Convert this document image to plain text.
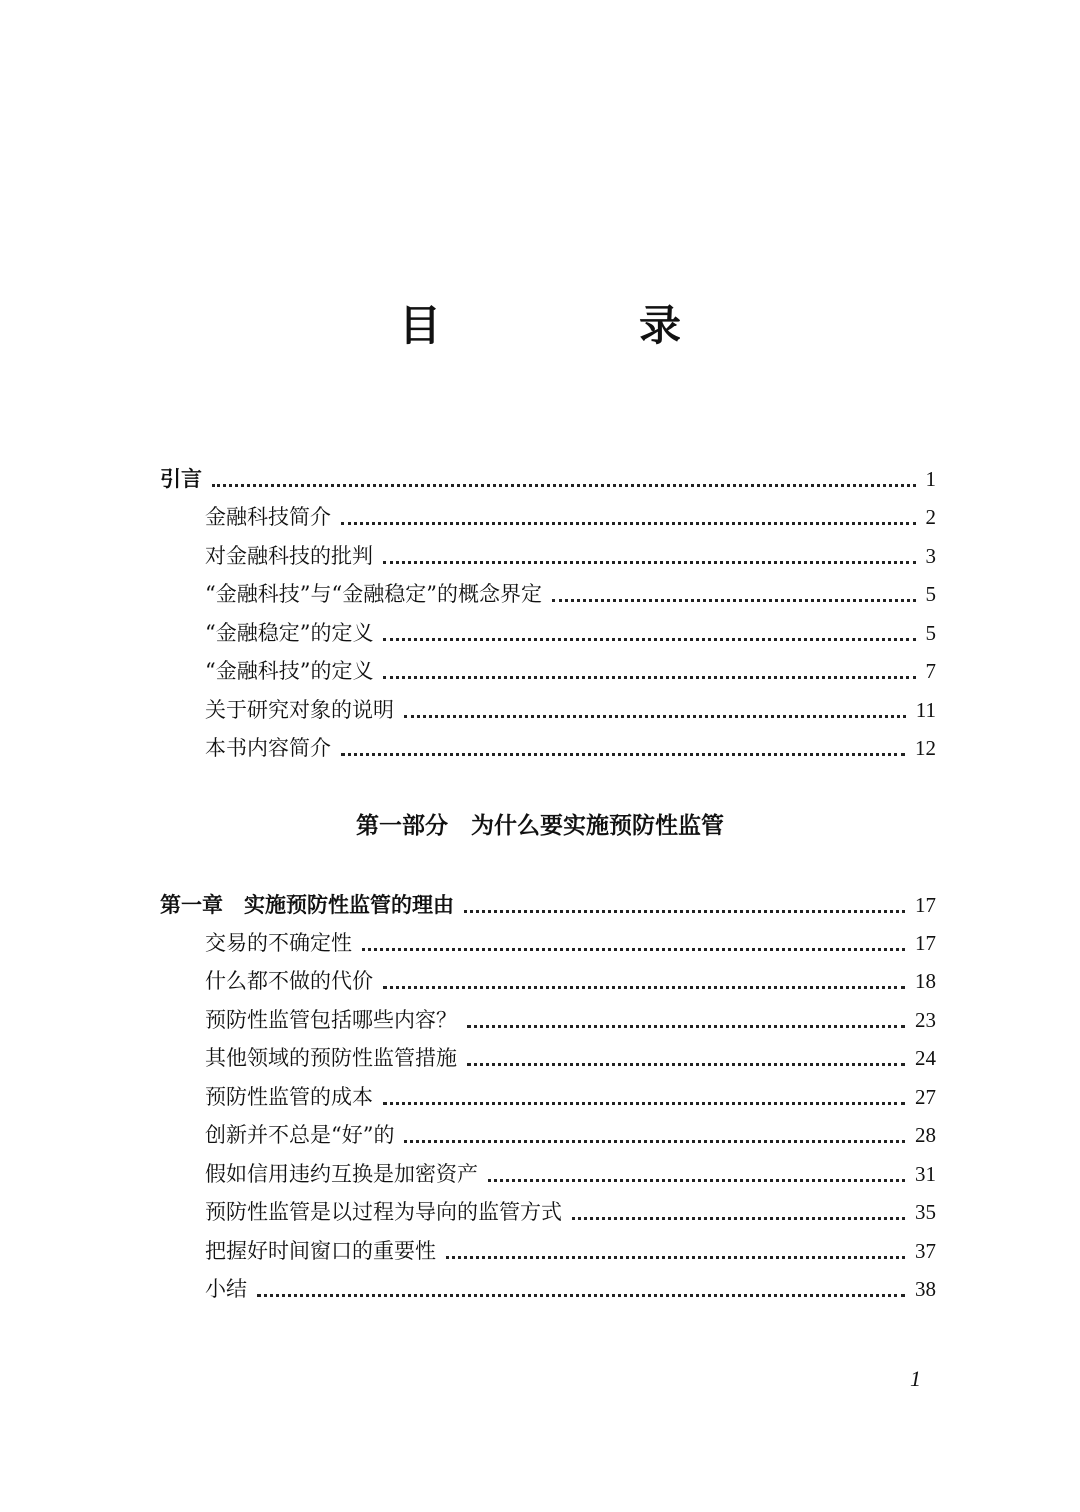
目　录
引言	1
金融科技简介	2
对金融科技的批判	3
“金融科技”与“金融稳定”的概念界定	5
“金融稳定”的定义	5
“金融科技”的定义	7
关于研究对象的说明	11
本书内容简介	12
第一部分　为什么要实施预防性监管
第一章　实施预防性监管的理由	17
交易的不确定性	17
什么都不做的代价	18
预防性监管包括哪些内容？	23
其他领域的预防性监管措施	24
预防性监管的成本	27
创新并不总是“好”的	28
假如信用违约互换是加密资产	31
预防性监管是以过程为导向的监管方式	35
把握好时间窗口的重要性	37
小结	38
1
